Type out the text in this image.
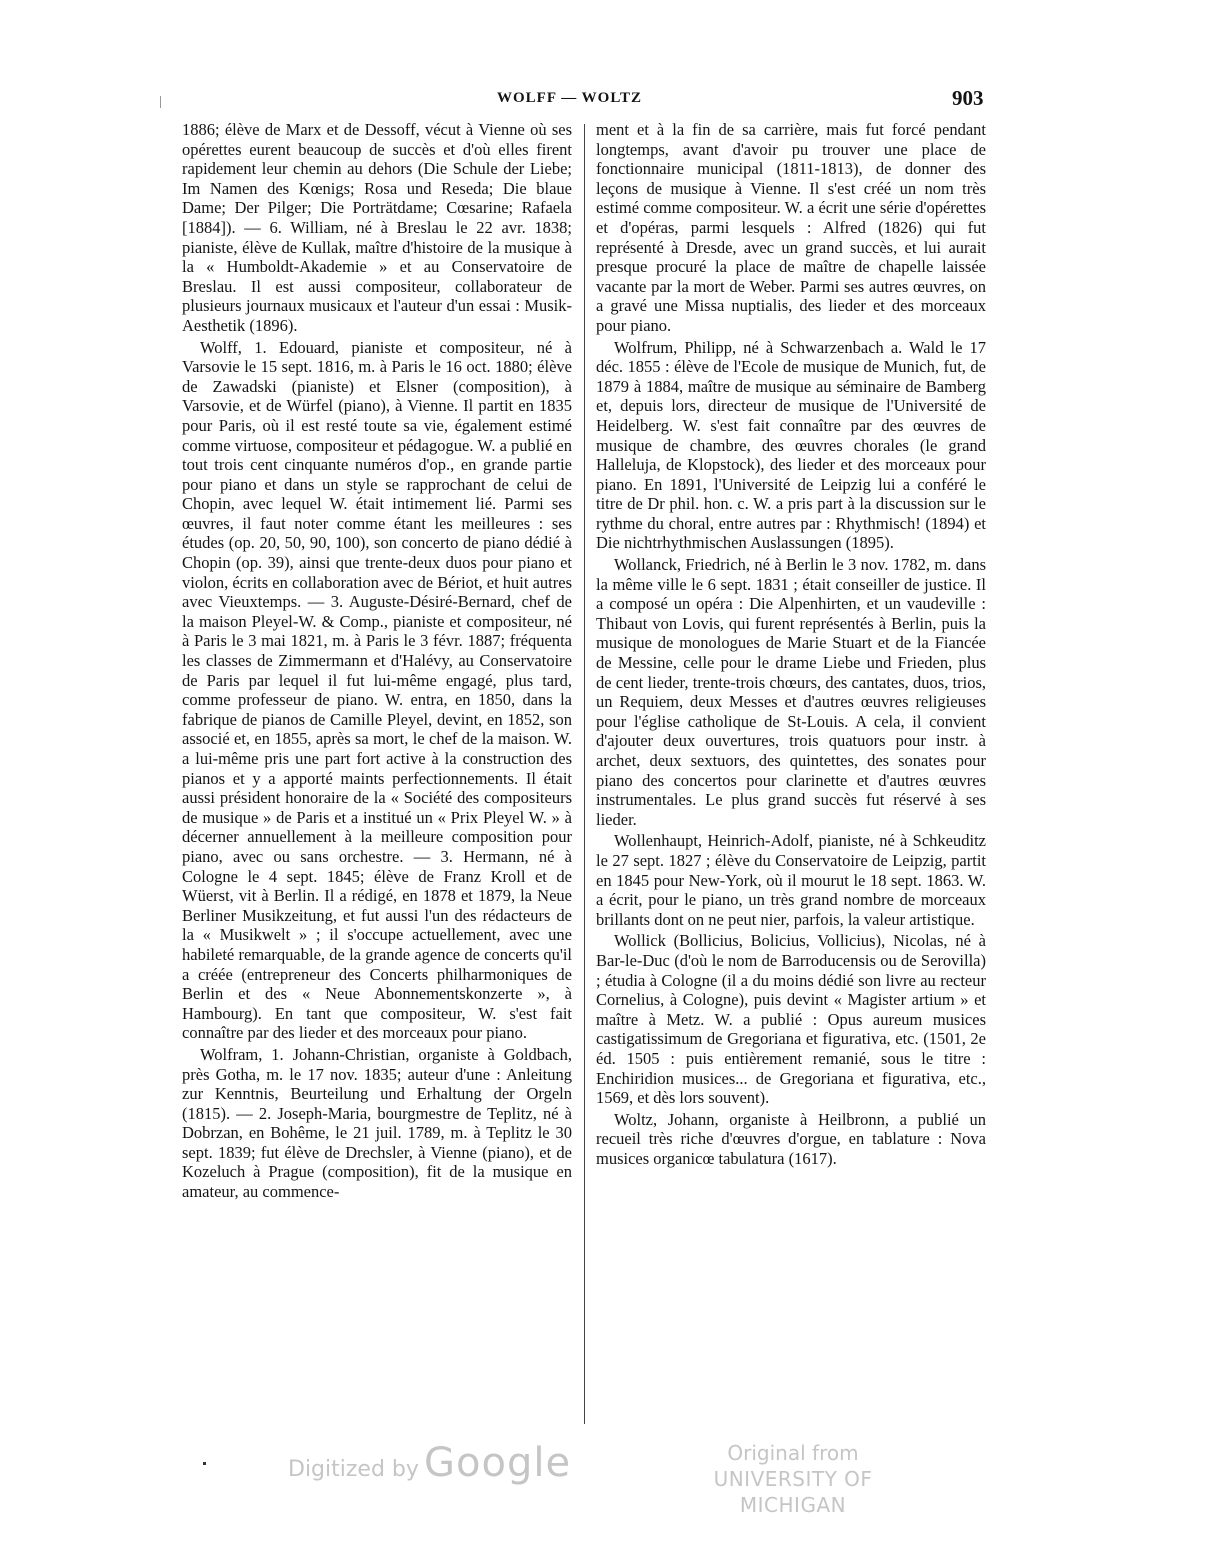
WOLFF — WOLTZ	903

1886; élève de Marx et de Dessoff, vécut à Vienne où ses opérettes eurent beaucoup de succès et d'où elles firent rapidement leur chemin au dehors (Die Schule der Liebe; Im Namen des Kœnigs; Rosa und Reseda; Die blaue Dame; Der Pilger; Die Porträtdame; Cœsarine; Rafaela [1884]). — 6. William, né à Breslau le 22 avr. 1838; pianiste, élève de Kullak, maître d'histoire de la musique à la « Humboldt-Akademie » et au Conservatoire de Breslau. Il est aussi compositeur, collaborateur de plusieurs journaux musicaux et l'auteur d'un essai : Musik-Aesthetik (1896).

Wolff, 1. Edouard, pianiste et compositeur, né à Varsovie le 15 sept. 1816, m. à Paris le 16 oct. 1880; élève de Zawadski (pianiste) et Elsner (composition), à Varsovie, et de Würfel (piano), à Vienne. Il partit en 1835 pour Paris, où il est resté toute sa vie, également estimé comme virtuose, compositeur et pédagogue. W. a publié en tout trois cent cinquante numéros d'op., en grande partie pour piano et dans un style se rapprochant de celui de Chopin, avec lequel W. était intimement lié. Parmi ses œuvres, il faut noter comme étant les meilleures : ses études (op. 20, 50, 90, 100), son concerto de piano dédié à Chopin (op. 39), ainsi que trente-deux duos pour piano et violon, écrits en collaboration avec de Bériot, et huit autres avec Vieuxtemps. — 3. Auguste-Désiré-Bernard, chef de la maison Pleyel-W. & Comp., pianiste et compositeur, né à Paris le 3 mai 1821, m. à Paris le 3 févr. 1887; fréquenta les classes de Zimmermann et d'Halévy, au Conservatoire de Paris par lequel il fut lui-même engagé, plus tard, comme professeur de piano. W. entra, en 1850, dans la fabrique de pianos de Camille Pleyel, devint, en 1852, son associé et, en 1855, après sa mort, le chef de la maison. W. a lui-même pris une part fort active à la construction des pianos et y a apporté maints perfectionnements. Il était aussi président honoraire de la « Société des compositeurs de musique » de Paris et a institué un « Prix Pleyel W. » à décerner annuellement à la meilleure composition pour piano, avec ou sans orchestre. — 3. Hermann, né à Cologne le 4 sept. 1845; élève de Franz Kroll et de Wüerst, vit à Berlin. Il a rédigé, en 1878 et 1879, la Neue Berliner Musikzeitung, et fut aussi l'un des rédacteurs de la « Musikwelt » ; il s'occupe actuellement, avec une habileté remarquable, de la grande agence de concerts qu'il a créée (entrepreneur des Concerts philharmoniques de Berlin et des « Neue Abonnementskonzerte », à Hambourg). En tant que compositeur, W. s'est fait connaître par des lieder et des morceaux pour piano.

Wolfram, 1. Johann-Christian, organiste à Goldbach, près Gotha, m. le 17 nov. 1835; auteur d'une : Anleitung zur Kenntnis, Beurteilung und Erhaltung der Orgeln (1815). — 2. Joseph-Maria, bourgmestre de Teplitz, né à Dobrzan, en Bohême, le 21 juil. 1789, m. à Teplitz le 30 sept. 1839; fut élève de Drechsler, à Vienne (piano), et de Kozeluch à Prague (composition), fit de la musique en amateur, au commence-

ment et à la fin de sa carrière, mais fut forcé pendant longtemps, avant d'avoir pu trouver une place de fonctionnaire municipal (1811-1813), de donner des leçons de musique à Vienne. Il s'est créé un nom très estimé comme compositeur. W. a écrit une série d'opérettes et d'opéras, parmi lesquels : Alfred (1826) qui fut représenté à Dresde, avec un grand succès, et lui aurait presque procuré la place de maître de chapelle laissée vacante par la mort de Weber. Parmi ses autres œuvres, on a gravé une Missa nuptialis, des lieder et des morceaux pour piano.

Wolfrum, Philipp, né à Schwarzenbach a. Wald le 17 déc. 1855 : élève de l'Ecole de musique de Munich, fut, de 1879 à 1884, maître de musique au séminaire de Bamberg et, depuis lors, directeur de musique de l'Université de Heidelberg. W. s'est fait connaître par des œuvres de musique de chambre, des œuvres chorales (le grand Halleluja, de Klopstock), des lieder et des morceaux pour piano. En 1891, l'Université de Leipzig lui a conféré le titre de Dr phil. hon. c. W. a pris part à la discussion sur le rythme du choral, entre autres par : Rhythmisch! (1894) et Die nichtrhythmischen Auslassungen (1895).

Wollanck, Friedrich, né à Berlin le 3 nov. 1782, m. dans la même ville le 6 sept. 1831 ; était conseiller de justice. Il a composé un opéra : Die Alpenhirten, et un vaudeville : Thibaut von Lovis, qui furent représentés à Berlin, puis la musique de monologues de Marie Stuart et de la Fiancée de Messine, celle pour le drame Liebe und Frieden, plus de cent lieder, trente-trois chœurs, des cantates, duos, trios, un Requiem, deux Messes et d'autres œuvres religieuses pour l'église catholique de St-Louis. A cela, il convient d'ajouter deux ouvertures, trois quatuors pour instr. à archet, deux sextuors, des quintettes, des sonates pour piano des concertos pour clarinette et d'autres œuvres instrumentales. Le plus grand succès fut réservé à ses lieder.

Wollenhaupt, Heinrich-Adolf, pianiste, né à Schkeuditz le 27 sept. 1827 ; élève du Conservatoire de Leipzig, partit en 1845 pour New-York, où il mourut le 18 sept. 1863. W. a écrit, pour le piano, un très grand nombre de morceaux brillants dont on ne peut nier, parfois, la valeur artistique.

Wollick (Bollicius, Bolicius, Vollicius), Nicolas, né à Bar-le-Duc (d'où le nom de Barroducensis ou de Serovilla) ; étudia à Cologne (il a du moins dédié son livre au recteur Cornelius, à Cologne), puis devint « Magister artium » et maître à Metz. W. a publié : Opus aureum musices castigatissimum de Gregoriana et figurativa, etc. (1501, 2e éd. 1505 : puis entièrement remanié, sous le titre : Enchiridion musices... de Gregoriana et figurativa, etc., 1569, et dès lors souvent).

Woltz, Johann, organiste à Heilbronn, a publié un recueil très riche d'œuvres d'orgue, en tablature : Nova musices organicœ tabulatura (1617).

Digitized by Google	Original from
UNIVERSITY OF MICHIGAN
